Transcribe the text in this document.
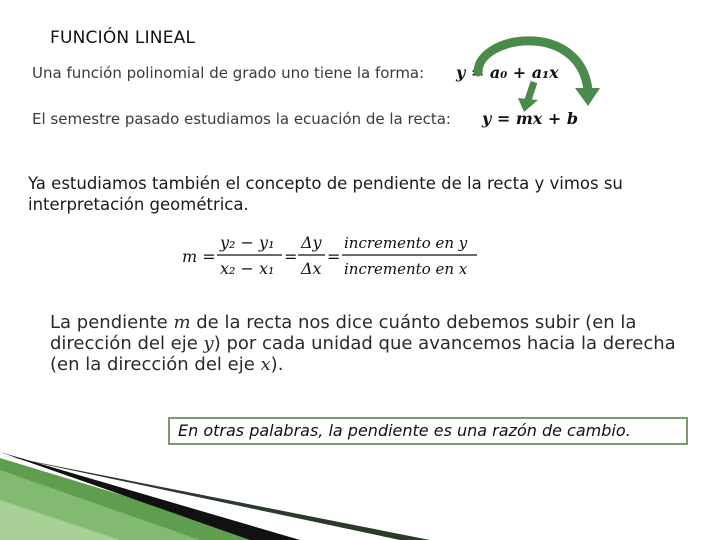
FUNCIÓN LINEAL
Una función polinomial de grado uno tiene la forma: y = a₀ + a₁x
El semestre pasado estudiamos la ecuación de la recta: y = mx + b
Ya estudiamos también el concepto de pendiente de la recta y vimos su interpretación geométrica.
m =
y₂ − y₁
x₂ − x₁
=
Δy
Δx
=
incremento en y
incremento en x
La pendiente m de la recta nos dice cuánto debemos subir (en la dirección del eje y) por cada unidad que avancemos hacia la derecha (en la dirección del eje x).
En otras palabras, la pendiente es una razón de cambio.
